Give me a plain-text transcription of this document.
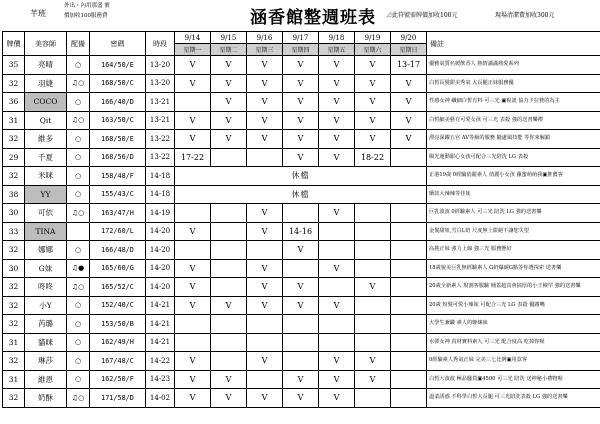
芊班
外出・內用那盛 號
價加收100服務費	涵香館整週班表 ⊿此符號需牌價加收100元	現場清潔費加收300元
牌價	美容師	配備	密碼	時段	9/14	9/15	9/16	9/17	9/18	9/19	9/20	備註
					星期一	星期二	星期三	星期四	星期五	星期六	星期日	
35	亮晴	○	164/50/E	13-20	V	V	V	V	V	V	13-17	優雅氣質名媛飲香人 熱情滿滿熱愛系列
32	羽婕	♫○	168/50/C	13-20	V	V	V	V	V	V	V	白皙長髮甜美秀氣 大長腿正妹服務優
36	COCO	○	166/40/D	13-21		V	V	V	V	V	V	性感女神 纖細白皙有料 可三光 ▣視訊 協力卡拉贊的為主
31	Qit	♫○	163/50/C	13-21	V	V	V	V	V	V	V	白皙細美藝有可愛女孩 可三光 表殺 強的送書樂禮
32	維多	○	168/50/E	13-22	V	V	V	V	V	V	V	漂亮深躍五官 AV等級的服務 隨處風技能 等你來解鎖
29	千夏	○	168/56/D	13-22	17-22			V	V	18-22		陽光運動甜心女孩可配合三光陪洗 LG 表殺
32	米咪	○	158/48/F	14-18	休檔							正港19歲 0經驗俏麗素人 俏麗小女孩 蘿蜜萌萌我▣推薦客
38	YY	○	155/43/C	14-18	休檔							嬌款大辣辣等佳妹
30	可依	♫○	163/47/H	14-19			V		V			巨乳波波 0經驗素人 可三光 陪洗 LG 強的送書樂
33	TINA		172/60/L	14-20	V		V	14-16				金髮甜妞,雪白L奶 尺度無上限絕不讓您失望
32	娜娜	○	166/48/D	14-20				V				高挑正妹 強力上線 強三光 服務態好
30	G妹	♫●	165/60/G	14-20	V		V		V			18歲貌美巨乳無經驗素人 G奶爆碳G點等你選探索 送書樂
32	咚咚	♫○	165/52/C	14-20	V		V	V		V		20歲全新素人 規割客服驗 桶蓋超真會搞厚的小王檢罕 強的送書樂
32	小Y	○	152/40/C	14-21	V	V	V	V	V			20歲 短髮可愛小辣妹 可配合三光 LG 表殺 優謝嘴
32	芮璐	○	153/50/B	14-21								大學生兼職 素人的姬絲妹
31	貓咪	○	162/49/H	14-21								水彈女神 真材實料素人 可三光 配合度高 吃掉你喔
32	琳莎	○	167/48/C	14-22	V		V		V	V		0經驗素人秀氣正妹 完美三七比例▣用款客
31	維恩	○	162/50/F	14-23	V	V		V	V	V		白皙大波波 極品騷貨▣4500 可三光 陪洗 送神秘小禮物喔
32	奶酥	♫○	171/58/D	14-02	V	V	V	V	V			溫柔誘惑 不科學白皙大長腿 可三光陪洗表殺 LG 強的送書樂
